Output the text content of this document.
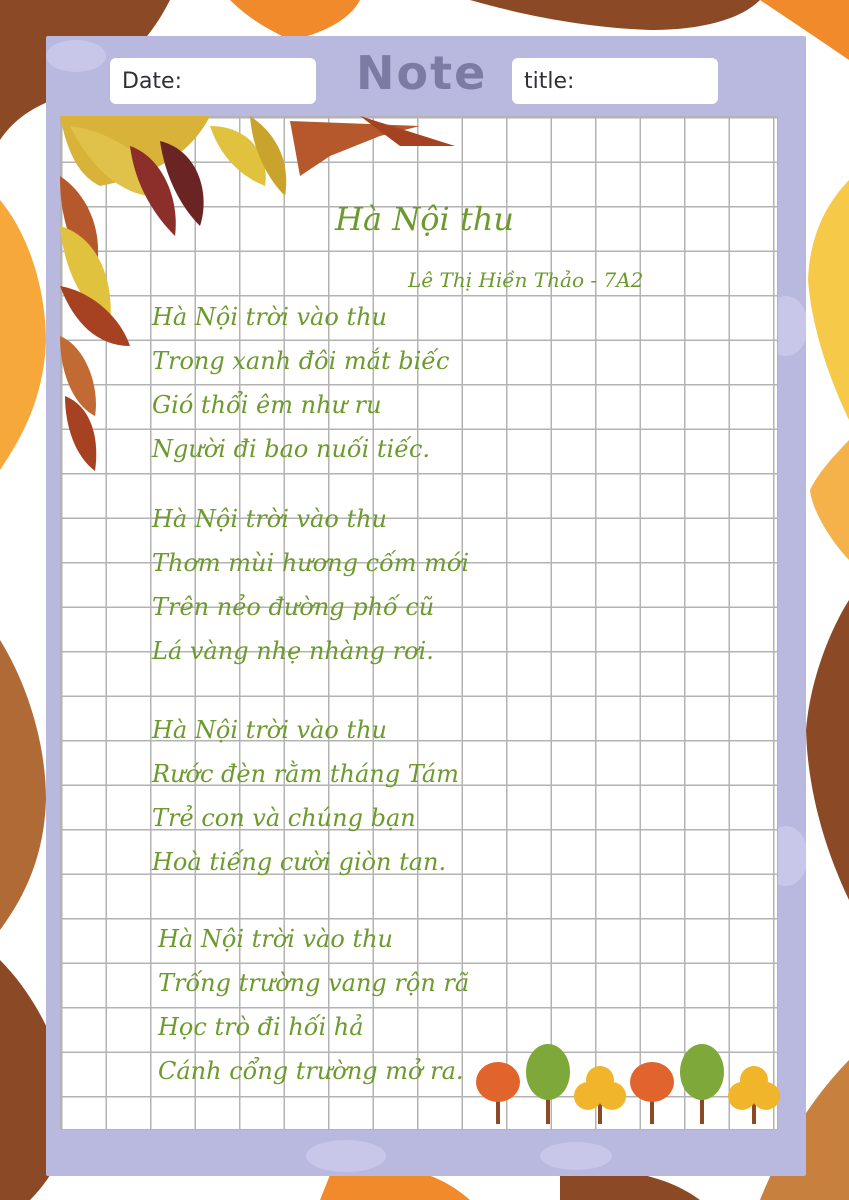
Date:	Note title:
Hà Nội thu
Lê Thị Hiền Thảo - 7A2
Hà Nội trời vào thu
Trong xanh đôi mắt biếc
Gió thổi êm như ru
Người đi bao nuối tiếc.
Hà Nội trời vào thu
Thơm mùi hương cốm mới
Trên nẻo đường phố cũ
Lá vàng nhẹ nhàng rơi.
Hà Nội trời vào thu
Rước đèn rằm tháng Tám
Trẻ con và chúng bạn
Hoà tiếng cười giòn tan.
Hà Nội trời vào thu
Trống trường vang rộn rã
Học trò đi hối hả
Cánh cổng trường mở ra.
